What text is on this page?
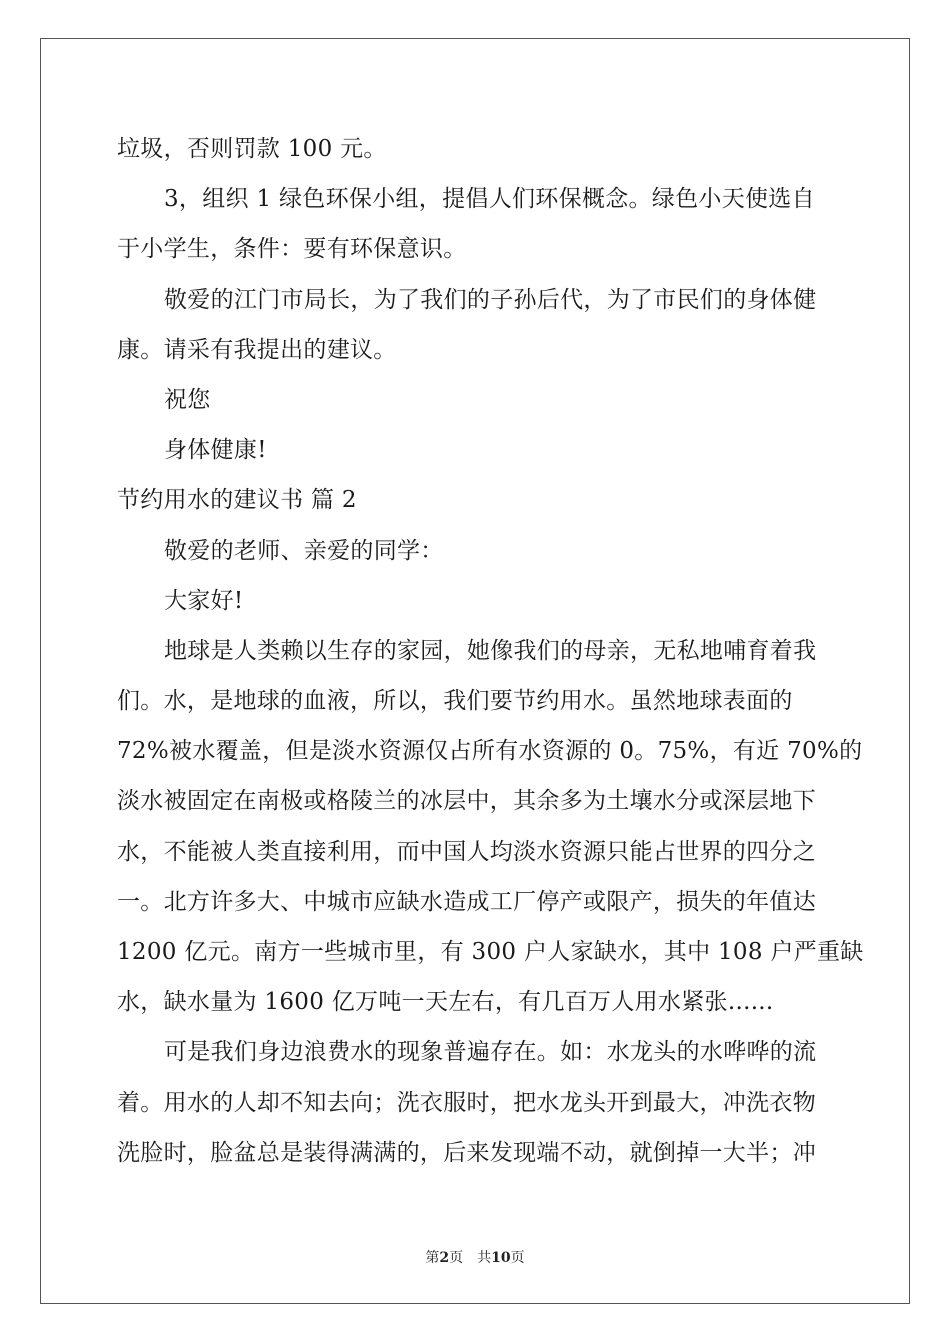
垃圾，否则罚款 100 元。
3，组织 1 绿色环保小组，提倡人们环保概念。绿色小天使选自
于小学生，条件：要有环保意识。
敬爱的江门市局长，为了我们的子孙后代，为了市民们的身体健
康。请采有我提出的建议。
祝您
身体健康!
节约用水的建议书 篇 2
敬爱的老师、亲爱的同学：
大家好!
地球是人类赖以生存的家园，她像我们的母亲，无私地哺育着我
们。水，是地球的血液，所以，我们要节约用水。虽然地球表面的
72%被水覆盖，但是淡水资源仅占所有水资源的 0。75%，有近 70%的
淡水被固定在南极或格陵兰的冰层中，其余多为土壤水分或深层地下
水，不能被人类直接利用，而中国人均淡水资源只能占世界的四分之
一。北方许多大、中城市应缺水造成工厂停产或限产，损失的年值达
1200 亿元。南方一些城市里，有 300 户人家缺水，其中 108 户严重缺
水，缺水量为 1600 亿万吨一天左右，有几百万人用水紧张......
可是我们身边浪费水的现象普遍存在。如：水龙头的水哗哗的流
着。用水的人却不知去向；洗衣服时，把水龙头开到最大，冲洗衣物
洗脸时，脸盆总是装得满满的，后来发现端不动，就倒掉一大半；冲
第2页 共10页
